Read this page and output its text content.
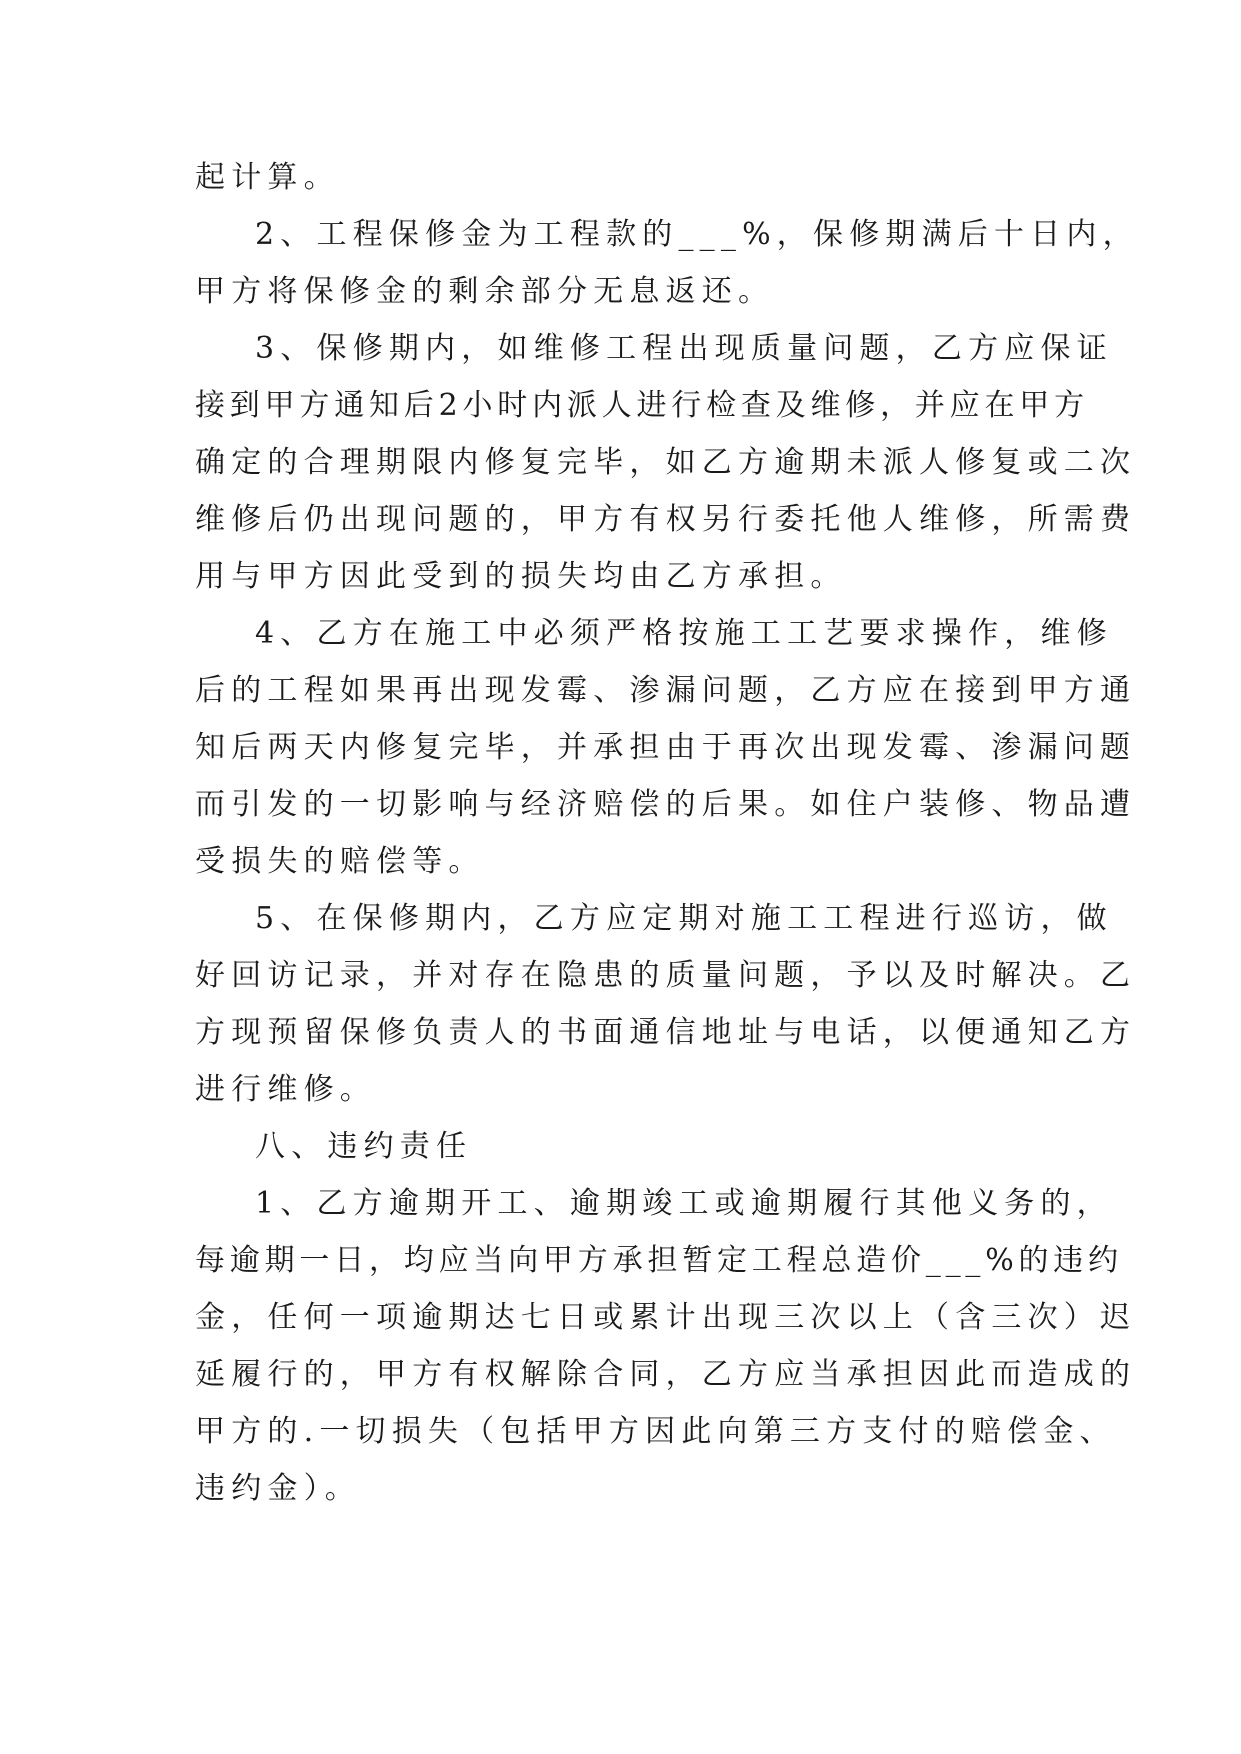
起计算。
2、工程保修金为工程款的___%，保修期满后十日内，
甲方将保修金的剩余部分无息返还。
3、保修期内，如维修工程出现质量问题，乙方应保证
接到甲方通知后2小时内派人进行检查及维修，并应在甲方
确定的合理期限内修复完毕，如乙方逾期未派人修复或二次
维修后仍出现问题的，甲方有权另行委托他人维修，所需费
用与甲方因此受到的损失均由乙方承担。
4、乙方在施工中必须严格按施工工艺要求操作，维修
后的工程如果再出现发霉、渗漏问题，乙方应在接到甲方通
知后两天内修复完毕，并承担由于再次出现发霉、渗漏问题
而引发的一切影响与经济赔偿的后果。如住户装修、物品遭
受损失的赔偿等。
5、在保修期内，乙方应定期对施工工程进行巡访，做
好回访记录，并对存在隐患的质量问题，予以及时解决。乙
方现预留保修负责人的书面通信地址与电话，以便通知乙方
进行维修。
八、违约责任
1、乙方逾期开工、逾期竣工或逾期履行其他义务的，
每逾期一日，均应当向甲方承担暂定工程总造价___%的违约
金，任何一项逾期达七日或累计出现三次以上（含三次）迟
延履行的，甲方有权解除合同，乙方应当承担因此而造成的
甲方的.一切损失（包括甲方因此向第三方支付的赔偿金、
违约金）。
